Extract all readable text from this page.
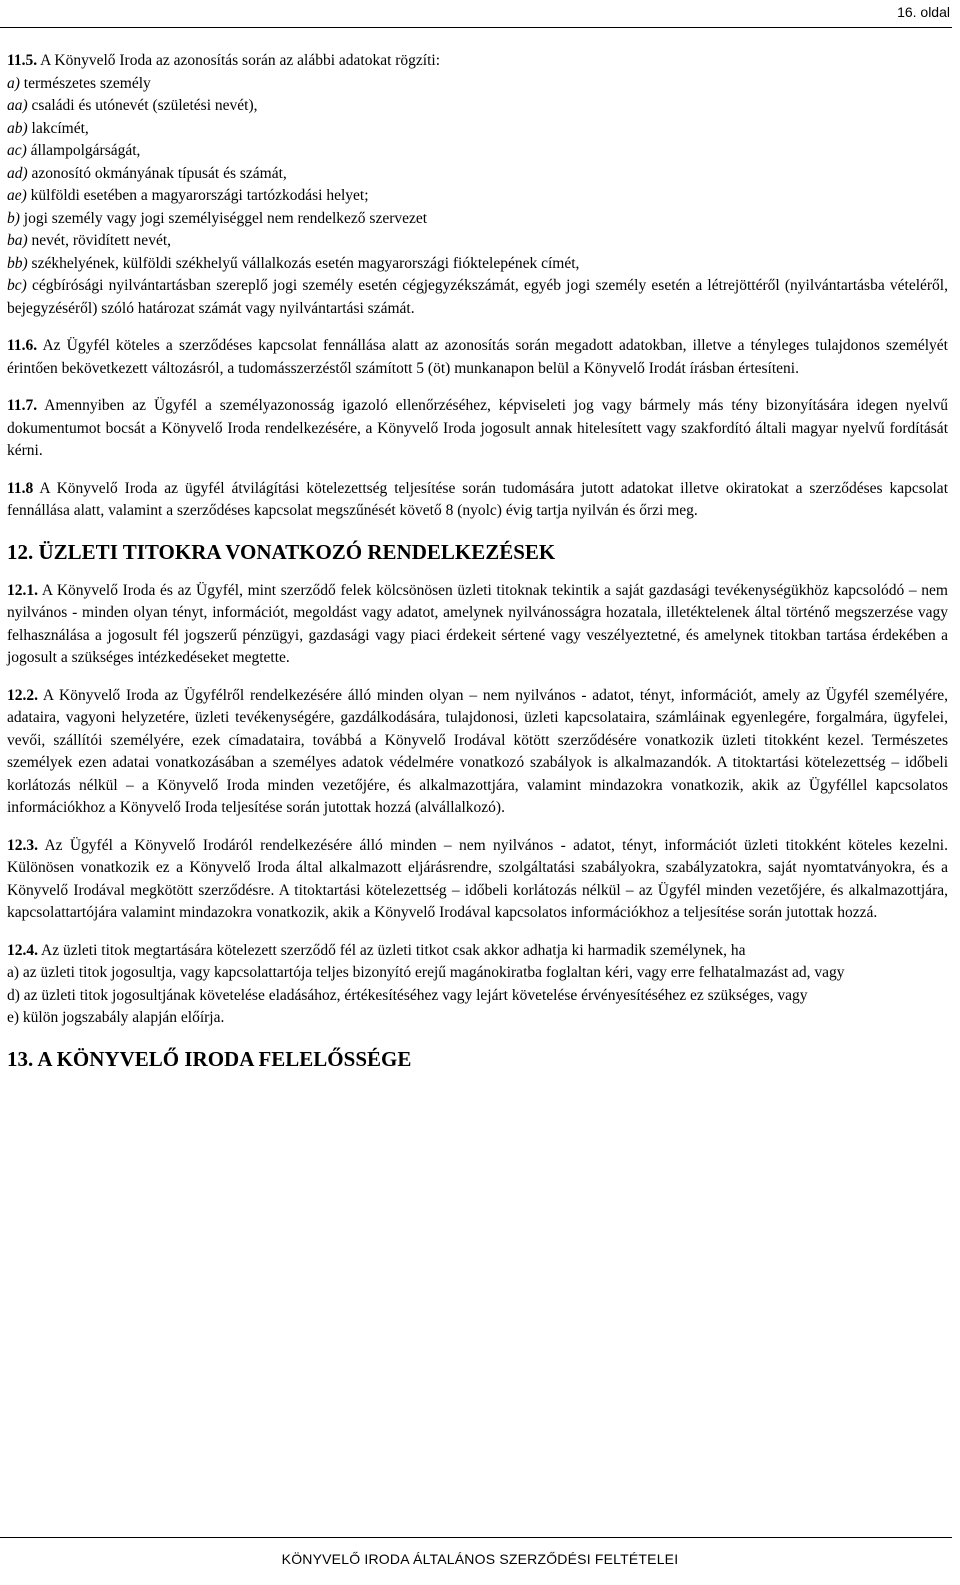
16. oldal

11.5. A Könyvelő Iroda az azonosítás során az alábbi adatokat rögzíti:

a) természetes személy

aa) családi és utónevét (születési nevét),

ab) lakcímét,

ac) állampolgárságát,

ad) azonosító okmányának típusát és számát,

ae) külföldi esetében a magyarországi tartózkodási helyet;

b) jogi személy vagy jogi személyiséggel nem rendelkező szervezet

ba) nevét, rövidített nevét,

bb) székhelyének, külföldi székhelyű vállalkozás esetén magyarországi fióktelepének címét,

bc) cégbírósági nyilvántartásban szereplő jogi személy esetén cégjegyzékszámát, egyéb jogi személy esetén a létrejöttéről (nyilvántartásba vételéről, bejegyzéséről) szóló határozat számát vagy nyilvántartási számát.

11.6. Az Ügyfél köteles a szerződéses kapcsolat fennállása alatt az azonosítás során megadott adatokban, illetve a tényleges tulajdonos személyét érintően bekövetkezett változásról, a tudomásszerzéstől számított 5 (öt) munkanapon belül a Könyvelő Irodát írásban értesíteni.

11.7. Amennyiben az Ügyfél a személyazonosság igazoló ellenőrzéséhez, képviseleti jog vagy bármely más tény bizonyítására idegen nyelvű dokumentumot bocsát a Könyvelő Iroda rendelkezésére, a Könyvelő Iroda jogosult annak hitelesített vagy szakfordító általi magyar nyelvű fordítását kérni.

11.8 A Könyvelő Iroda az ügyfél átvilágítási kötelezettség teljesítése során tudomására jutott adatokat illetve okiratokat a szerződéses kapcsolat fennállása alatt, valamint a szerződéses kapcsolat megszűnését követő 8 (nyolc) évig tartja nyilván és őrzi meg.

12. ÜZLETI TITOKRA VONATKOZÓ RENDELKEZÉSEK

12.1. A Könyvelő Iroda és az Ügyfél, mint szerződő felek kölcsönösen üzleti titoknak tekintik a saját gazdasági tevékenységükhöz kapcsolódó – nem nyilvános - minden olyan tényt, információt, megoldást vagy adatot, amelynek nyilvánosságra hozatala, illetéktelenek által történő megszerzése vagy felhasználása a jogosult fél jogszerű pénzügyi, gazdasági vagy piaci érdekeit sértené vagy veszélyeztetné, és amelynek titokban tartása érdekében a jogosult a szükséges intézkedéseket megtette.

12.2. A Könyvelő Iroda az Ügyfélről rendelkezésére álló minden olyan – nem nyilvános - adatot, tényt, információt, amely az Ügyfél személyére, adataira, vagyoni helyzetére, üzleti tevékenységére, gazdálkodására, tulajdonosi, üzleti kapcsolataira, számláinak egyenlegére, forgalmára, ügyfelei, vevői, szállítói személyére, ezek címadataira, továbbá a Könyvelő Irodával kötött szerződésére vonatkozik üzleti titokként kezel. Természetes személyek ezen adatai vonatkozásában a személyes adatok védelmére vonatkozó szabályok is alkalmazandók. A titoktartási kötelezettség – időbeli korlátozás nélkül – a Könyvelő Iroda minden vezetőjére, és alkalmazottjára, valamint mindazokra vonatkozik, akik az Ügyféllel kapcsolatos információkhoz a Könyvelő Iroda teljesítése során jutottak hozzá (alvállalkozó).

12.3. Az Ügyfél a Könyvelő Irodáról rendelkezésére álló minden – nem nyilvános - adatot, tényt, információt üzleti titokként köteles kezelni. Különösen vonatkozik ez a Könyvelő Iroda által alkalmazott eljárásrendre, szolgáltatási szabályokra, szabályzatokra, saját nyomtatványokra, és a Könyvelő Irodával megkötött szerződésre. A titoktartási kötelezettség – időbeli korlátozás nélkül – az Ügyfél minden vezetőjére, és alkalmazottjára, kapcsolattartójára valamint mindazokra vonatkozik, akik a Könyvelő Irodával kapcsolatos információkhoz a teljesítése során jutottak hozzá.

12.4. Az üzleti titok megtartására kötelezett szerződő fél az üzleti titkot csak akkor adhatja ki harmadik személynek, ha

a) az üzleti titok jogosultja, vagy kapcsolattartója teljes bizonyító erejű magánokiratba foglaltan kéri, vagy erre felhatalmazást ad, vagy

d) az üzleti titok jogosultjának követelése eladásához, értékesítéséhez vagy lejárt követelése érvényesítéséhez ez szükséges, vagy

e) külön jogszabály alapján előírja.

13. A KÖNYVELŐ IRODA FELELŐSSÉGE
KÖNYVELŐ IRODA ÁLTALÁNOS SZERZŐDÉSI FELTÉTELEI
